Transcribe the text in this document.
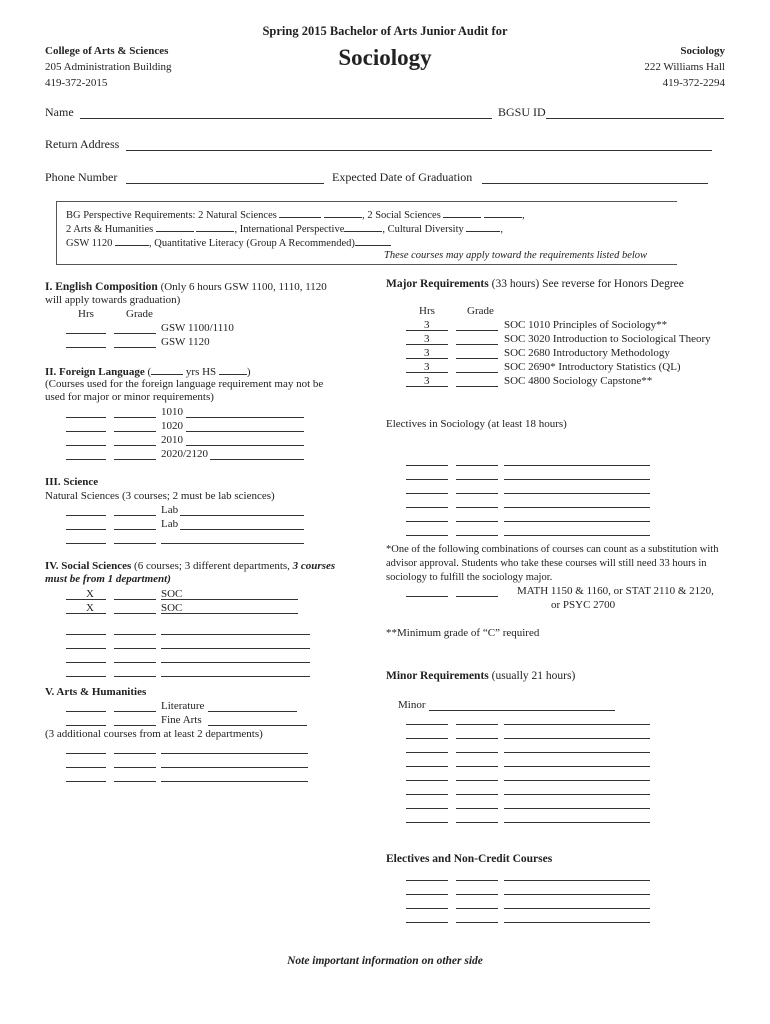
Spring 2015 Bachelor of Arts Junior Audit for
Sociology
College of Arts & Sciences
205 Administration Building
419-372-2015
Sociology
222 Williams Hall
419-372-2294
Name	BGSU ID
Return Address
Phone Number	Expected Date of Graduation
BG Perspective Requirements: 2 Natural Sciences	, 2 Social Sciences	,
2 Arts & Humanities	, International Perspective	, Cultural Diversity	,
GSW 1120	, Quantitative Literacy (Group A Recommended)
These courses may apply toward the requirements listed below
I. English Composition (Only 6 hours GSW 1100, 1110, 1120
will apply towards graduation)
Hrs	Grade
GSW 1100/1110
GSW 1120
II. Foreign Language (	yrs HS	)
(Courses used for the foreign language requirement may not be
used for major or minor requirements)
1010
1020
2010
2020/2120
III. Science
Natural Sciences (3 courses; 2 must be lab sciences)
Lab
Lab
IV. Social Sciences (6 courses; 3 different departments, 3 courses
must be from 1 department)
X	SOC
X	SOC
V. Arts & Humanities
Literature
Fine Arts
(3 additional courses from at least 2 departments)
Major Requirements (33 hours) See reverse for Honors Degree
Hrs	Grade
3	SOC 1010 Principles of Sociology**
3	SOC 3020 Introduction to Sociological Theory
3	SOC 2680 Introductory Methodology
3	SOC 2690* Introductory Statistics (QL)
3	SOC 4800 Sociology Capstone**
Electives in Sociology (at least 18 hours)
*One of the following combinations of courses can count as a substitution with
advisor approval. Students who take these courses will still need 33 hours in
sociology to fulfill the sociology major.
MATH 1150 & 1160, or STAT 2110 & 2120,
or PSYC 2700
**Minimum grade of “C” required
Minor Requirements (usually 21 hours)
Minor
Electives and Non-Credit Courses
Note important information on other side
